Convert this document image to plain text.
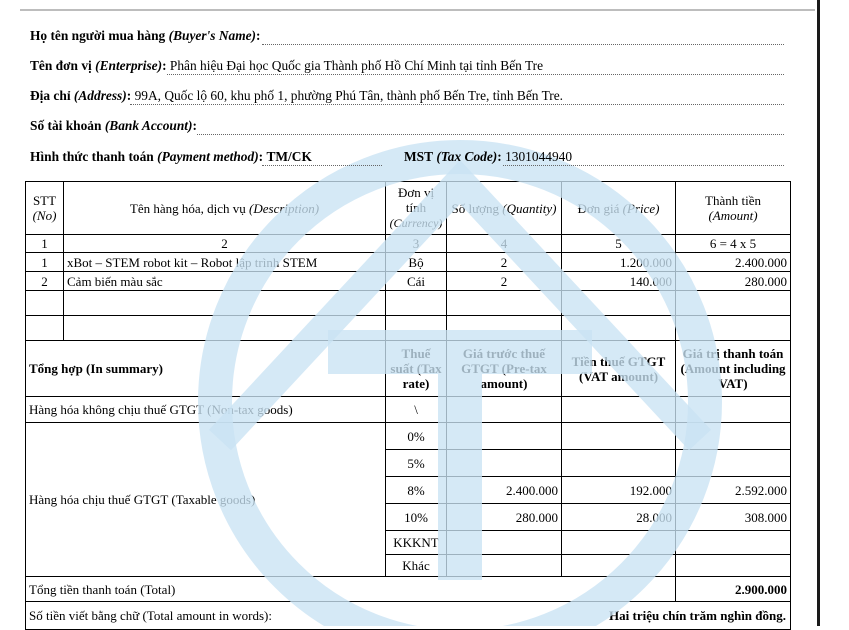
Họ tên người mua hàng (Buyer's Name):
Tên đơn vị (Enterprise): Phân hiệu Đại học Quốc gia Thành phố Hồ Chí Minh tại tỉnh Bến Tre
Địa chỉ (Address): 99A, Quốc lộ 60, khu phố 1, phường Phú Tân, thành phố Bến Tre, tỉnh Bến Tre.
Số tài khoản (Bank Account):
Hình thức thanh toán (Payment method): TM/CK	MST (Tax Code): 1301044940
STT
(No)	Tên hàng hóa, dịch vụ (Description)	Đơn vị
tính
(Currency)	Số lượng (Quantity)	Đơn giá (Price)	Thành tiền (Amount)
1	2	3	4	5	6 = 4 x 5
1	xBot – STEM robot kit – Robot lập trình STEM	Bộ	2	1.200.000	2.400.000
2	Cảm biến màu sắc	Cái	2	140.000	280.000

Tổng hợp (In summary)		Thuế suất (Tax rate)	Giá trước thuế GTGT (Pre-tax amount)	Tiền thuế GTGT (VAT amount)	Giá trị thanh toán (Amount including VAT)
Hàng hóa không chịu thuế GTGT (Non-tax goods)		\			
Hàng hóa chịu thuế GTGT (Taxable goods)		0%			
		5%			
		8%	2.400.000	192.000	2.592.000
		10%	280.000	28.000	308.000
		KKKNT			
		Khác			
Tổng tiền thanh toán (Total)					2.900.000
Số tiền viết bằng chữ (Total amount in words): Hai triệu chín trăm nghìn đồng.					
